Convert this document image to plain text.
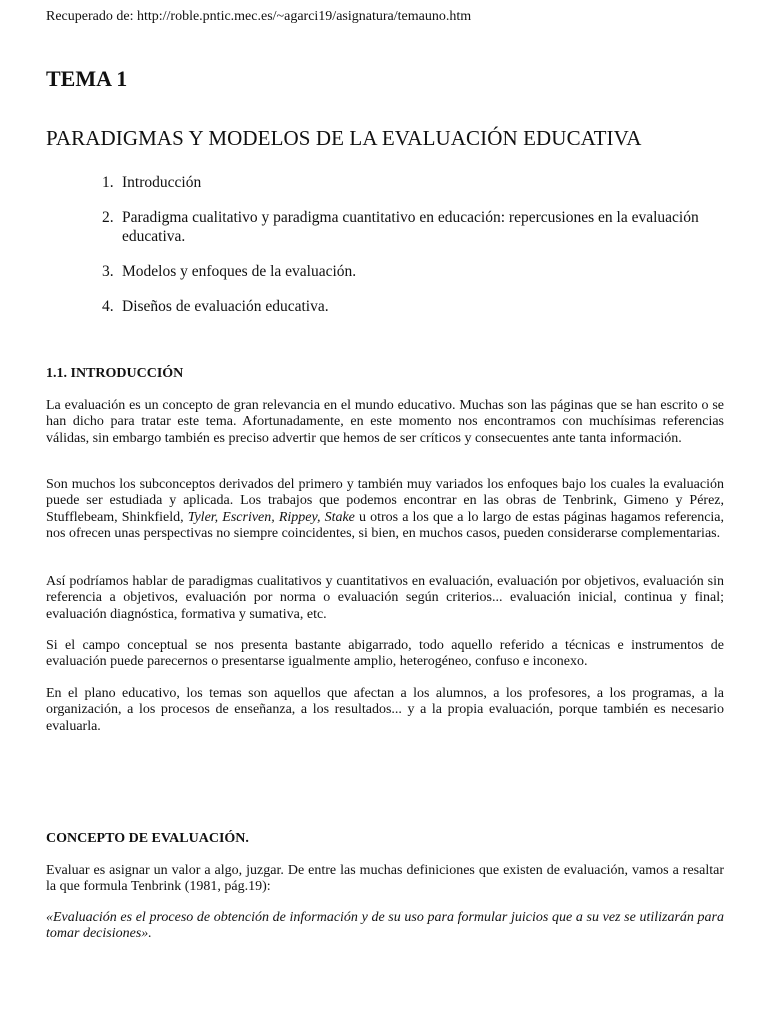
Recuperado de: http://roble.pntic.mec.es/~agarci19/asignatura/temauno.htm
TEMA 1
PARADIGMAS Y MODELOS DE LA EVALUACIÓN EDUCATIVA
1. Introducción
2. Paradigma cualitativo y paradigma cuantitativo en educación: repercusiones en la evaluación educativa.
3. Modelos y enfoques de la evaluación.
4. Diseños de evaluación educativa.
1.1. INTRODUCCIÓN

La evaluación es un concepto de gran relevancia en el mundo educativo. Muchas son las páginas que se han escrito o se han dicho para tratar este tema. Afortunadamente, en este momento nos encontramos con muchísimas referencias válidas, sin embargo también es preciso advertir que hemos de ser críticos y consecuentes ante tanta información.

Son muchos los subconceptos derivados del primero y también muy variados los enfoques bajo los cuales la evaluación puede ser estudiada y aplicada. Los trabajos que podemos encontrar en las obras de Tenbrink, Gimeno y Pérez, Stufflebeam, Shinkfield, Tyler, Escriven, Rippey, Stake u otros a los que a lo largo de estas páginas hagamos referencia, nos ofrecen unas perspectivas no siempre coincidentes, si bien, en muchos casos, pueden considerarse complementarias.

Así podríamos hablar de paradigmas cualitativos y cuantitativos en evaluación, evaluación por objetivos, evaluación sin referencia a objetivos, evaluación por norma o evaluación según criterios... evaluación inicial, continua y final; evaluación diagnóstica, formativa y sumativa, etc.

Si el campo conceptual se nos presenta bastante abigarrado, todo aquello referido a técnicas e instrumentos de evaluación puede parecernos o presentarse igualmente amplio, heterogéneo, confuso e inconexo.

En el plano educativo, los temas son aquellos que afectan a los alumnos, a los profesores, a los programas, a la organización, a los procesos de enseñanza, a los resultados... y a la propia evaluación, porque también es necesario evaluarla.

CONCEPTO DE EVALUACIÓN.

Evaluar es asignar un valor a algo, juzgar. De entre las muchas definiciones que existen de evaluación, vamos a resaltar la que formula Tenbrink (1981, pág.19):

«Evaluación es el proceso de obtención de información y de su uso para formular juicios que a su vez se utilizarán para tomar decisiones».
